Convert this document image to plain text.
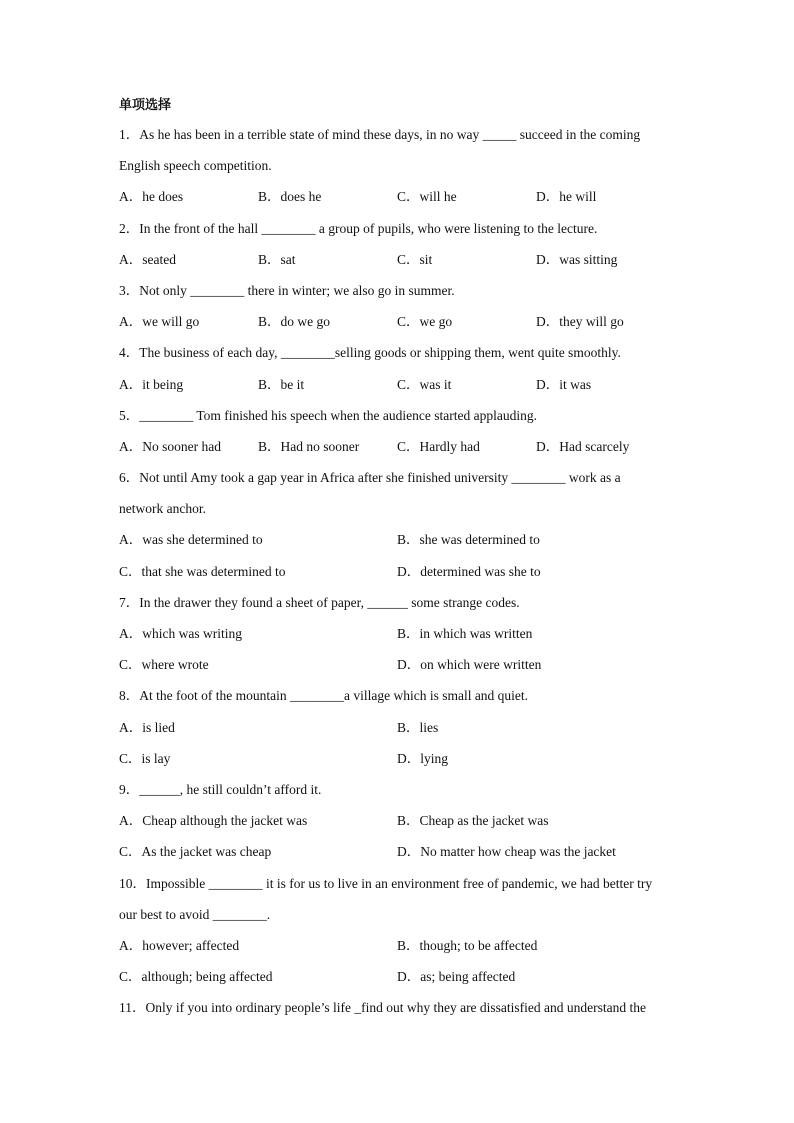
单项选择
1．As he has been in a terrible state of mind these days, in no way _____ succeed in the coming
English speech competition.
A．he does	B．does he	C．will he	D．he will
2．In the front of the hall ________ a group of pupils, who were listening to the lecture.
A．seated	B．sat	C．sit	D．was sitting
3．Not only ________ there in winter; we also go in summer.
A．we will go	B．do we go	C．we go	D．they will go
4．The business of each day, ________selling goods or shipping them, went quite smoothly.
A．it being	B．be it	C．was it	D．it was
5．________ Tom finished his speech when the audience started applauding.
A．No sooner had	B．Had no sooner	C．Hardly had	D．Had scarcely
6．Not until Amy took a gap year in Africa after she finished university ________ work as a
network anchor.
A．was she determined to	B．she was determined to
C．that she was determined to	D．determined was she to
7．In the drawer they found a sheet of paper, ______ some strange codes.
A．which was writing	B．in which was written
C．where wrote	D．on which were written
8．At the foot of the mountain ________a village which is small and quiet.
A．is lied	B．lies
C．is lay	D．lying
9．______, he still couldn’t afford it.
A．Cheap although the jacket was	B．Cheap as the jacket was
C．As the jacket was cheap	D．No matter how cheap was the jacket
10．Impossible ________ it is for us to live in an environment free of pandemic, we had better try
our best to avoid ________.
A．however; affected	B．though; to be affected
C．although; being affected	D．as; being affected
11．Only if you into ordinary people’s life _find out why they are dissatisfied and understand the
